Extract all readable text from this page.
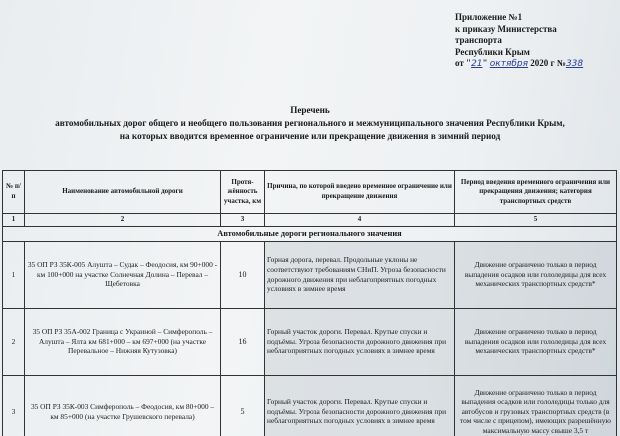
Приложение №1
к приказу Министерства
транспорта
Республики Крым
от "21" октября 2020 г №338
Перечень
автомобильных дорог общего и необщего пользования регионального и межмуниципального значения Республики Крым,
на которых вводится временное ограничение или прекращение движения в зимний период
№ п/п	Наименование автомобильной дороги	Протя-жённость участка, км	Причина, по которой введено временное ограничение или прекращение движения	Период введения временного ограничения или прекращения движения; категория транспортных средств
1	2	3	4	5
Автомобильные дороги регионального значения				
1	35 ОП РЗ 35К-005 Алушта – Судак – Феодосия, км 90+000 - км 100+000 на участке Солнечная Долина – Перевал – Щебетовка	10	Горная дорога, перевал. Продольные уклоны не соответствуют требованиям СНиП. Угроза безопасности дорожного движения при неблагоприятных погодных условиях в зимнее время	Движение ограничено только в период выпадения осадков или гололедицы для всех механических транспортных средств*
2	35 ОП РЗ 35А-002 Граница с Украиной – Симферополь – Алушта – Ялта км 681+000 – км 697+000 (на участке Перевальное – Нижняя Кутузовка)	16	Горный участок дороги. Перевал. Крутые спуски и подъёмы. Угроза безопасности дорожного движения при неблагоприятных погодных условиях в зимнее время	Движение ограничено только в период выпадения осадков или гололедицы для всех механических транспортных средств*
3	35 ОП РЗ 35К-003 Симферополь – Феодосия, км 80+000 – км 85+000 (на участке Грушевского перевала)	5	Горный участок дороги. Перевал. Крутые спуски и подъёмы. Угроза безопасности дорожного движения при неблагоприятных погодных условиях в зимнее время	Движение ограничено только в период выпадения осадков или гололедицы только для автобусов и грузовых транспортных средств (в том числе с прицепом), имеющих разрешённую максимальную массу свыше 3,5 т
